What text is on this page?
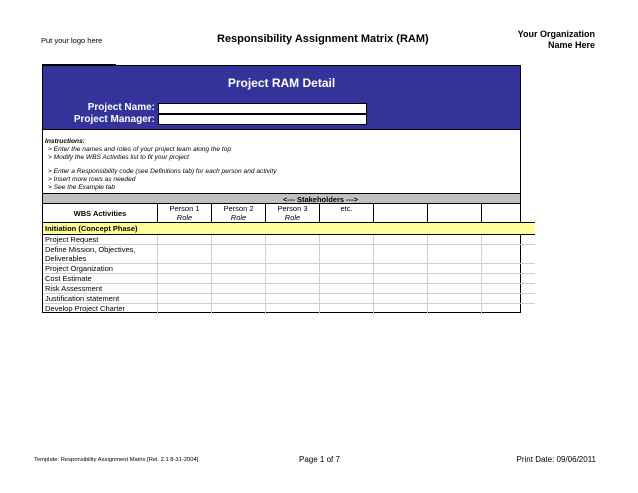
Put your logo here	Responsibility Assignment Matrix (RAM)	Your Organization
Name Here
Project RAM Detail
Project Name:
Project Manager:
Instructions:
> Enter the names and roles of your project team along the top
> Modify the WBS Activities list to fit your project
> Enter a Responsibility code (see Definitions tab) for each person and activity
> Insert more rows as needed
> See the Example tab
<--- Stakeholders --->
WBS Activities	Person 1	Person 2	Person 3	etc.			
	Role	Role	Role				
Initiation (Concept Phase)							
Project Request							
Define Mission, Objectives,							
Deliverables							
Project Organization							
Cost Estimate							
Risk Assessment							
Justification statement							
Develop Project Charter							
Template: Responsibility Assignment Matrix [Rel. 2.1 8-31-2004]	Page 1 of 7	Print Date: 09/06/2011
